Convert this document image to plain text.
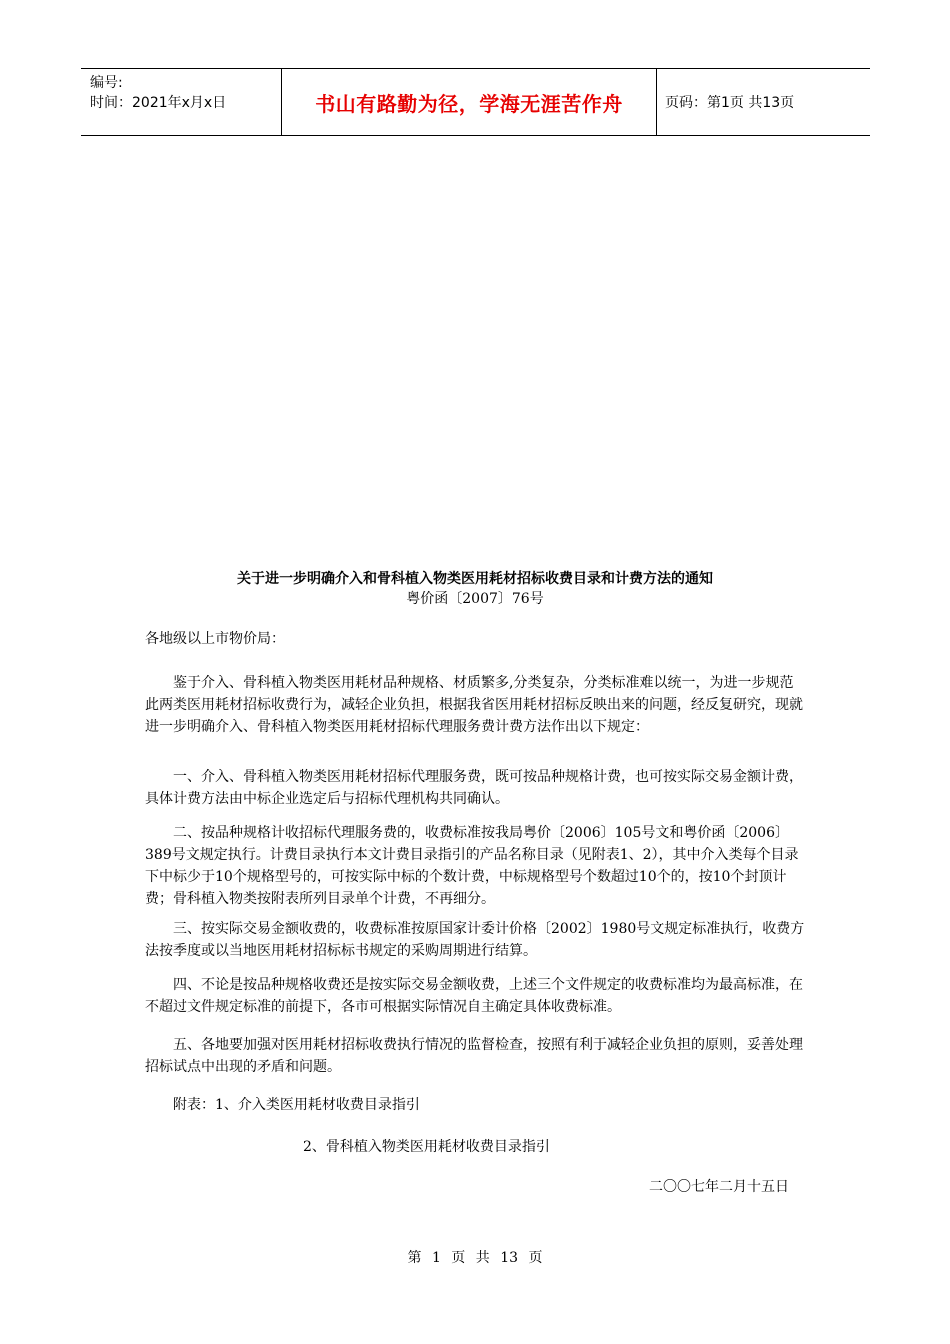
编号:
时间：2021年x月x日	书山有路勤为径，学海无涯苦作舟	页码：第1页 共13页
关于进一步明确介入和骨科植入物类医用耗材招标收费目录和计费方法的通知
粤价函〔2007〕76号
各地级以上市物价局：
鉴于介入、骨科植入物类医用耗材品种规格、材质繁多,分类复杂，分类标准难以统一，为进一步规范此两类医用耗材招标收费行为，减轻企业负担，根据我省医用耗材招标反映出来的问题，经反复研究，现就进一步明确介入、骨科植入物类医用耗材招标代理服务费计费方法作出以下规定：
一、介入、骨科植入物类医用耗材招标代理服务费，既可按品种规格计费，也可按实际交易金额计费，具体计费方法由中标企业选定后与招标代理机构共同确认。
二、按品种规格计收招标代理服务费的，收费标准按我局粤价〔2006〕105号文和粤价函〔2006〕389号文规定执行。计费目录执行本文计费目录指引的产品名称目录（见附表1、2），其中介入类每个目录下中标少于10个规格型号的，可按实际中标的个数计费，中标规格型号个数超过10个的，按10个封顶计费；骨科植入物类按附表所列目录单个计费，不再细分。
三、按实际交易金额收费的，收费标准按原国家计委计价格〔2002〕1980号文规定标准执行，收费方法按季度或以当地医用耗材招标标书规定的采购周期进行结算。
四、不论是按品种规格收费还是按实际交易金额收费，上述三个文件规定的收费标准均为最高标准，在不超过文件规定标准的前提下，各市可根据实际情况自主确定具体收费标准。
五、各地要加强对医用耗材招标收费执行情况的监督检查，按照有利于减轻企业负担的原则，妥善处理招标试点中出现的矛盾和问题。
附表：1、介入类医用耗材收费目录指引
2、骨科植入物类医用耗材收费目录指引
二〇〇七年二月十五日
第 1 页 共 13 页
